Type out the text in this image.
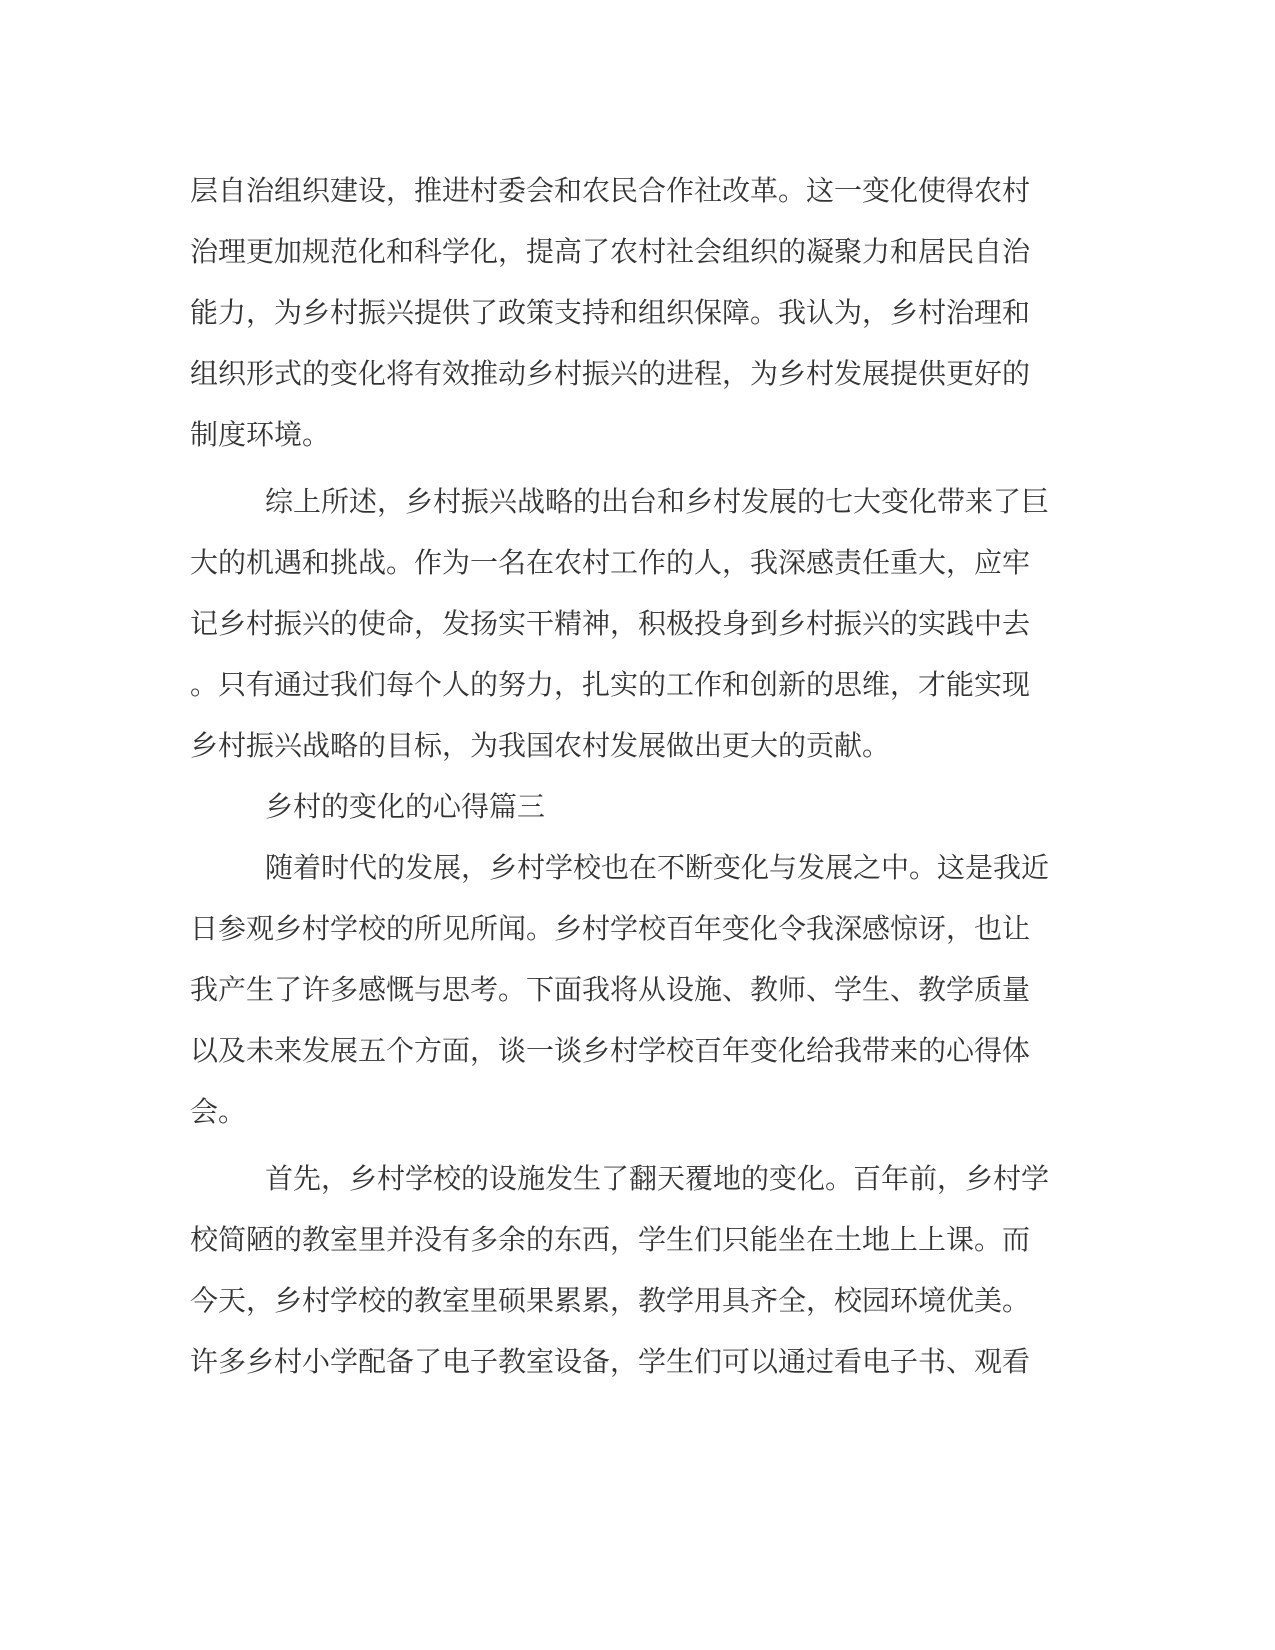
层自治组织建设，推进村委会和农民合作社改革。这一变化使得农村
治理更加规范化和科学化，提高了农村社会组织的凝聚力和居民自治
能力，为乡村振兴提供了政策支持和组织保障。我认为，乡村治理和
组织形式的变化将有效推动乡村振兴的进程，为乡村发展提供更好的
制度环境。
综上所述，乡村振兴战略的出台和乡村发展的七大变化带来了巨
大的机遇和挑战。作为一名在农村工作的人，我深感责任重大，应牢
记乡村振兴的使命，发扬实干精神，积极投身到乡村振兴的实践中去
。只有通过我们每个人的努力，扎实的工作和创新的思维，才能实现
乡村振兴战略的目标，为我国农村发展做出更大的贡献。
乡村的变化的心得篇三
随着时代的发展，乡村学校也在不断变化与发展之中。这是我近
日参观乡村学校的所见所闻。乡村学校百年变化令我深感惊讶，也让
我产生了许多感慨与思考。下面我将从设施、教师、学生、教学质量
以及未来发展五个方面，谈一谈乡村学校百年变化给我带来的心得体
会。
首先，乡村学校的设施发生了翻天覆地的变化。百年前，乡村学
校简陋的教室里并没有多余的东西，学生们只能坐在土地上上课。而
今天，乡村学校的教室里硕果累累，教学用具齐全，校园环境优美。
许多乡村小学配备了电子教室设备，学生们可以通过看电子书、观看
